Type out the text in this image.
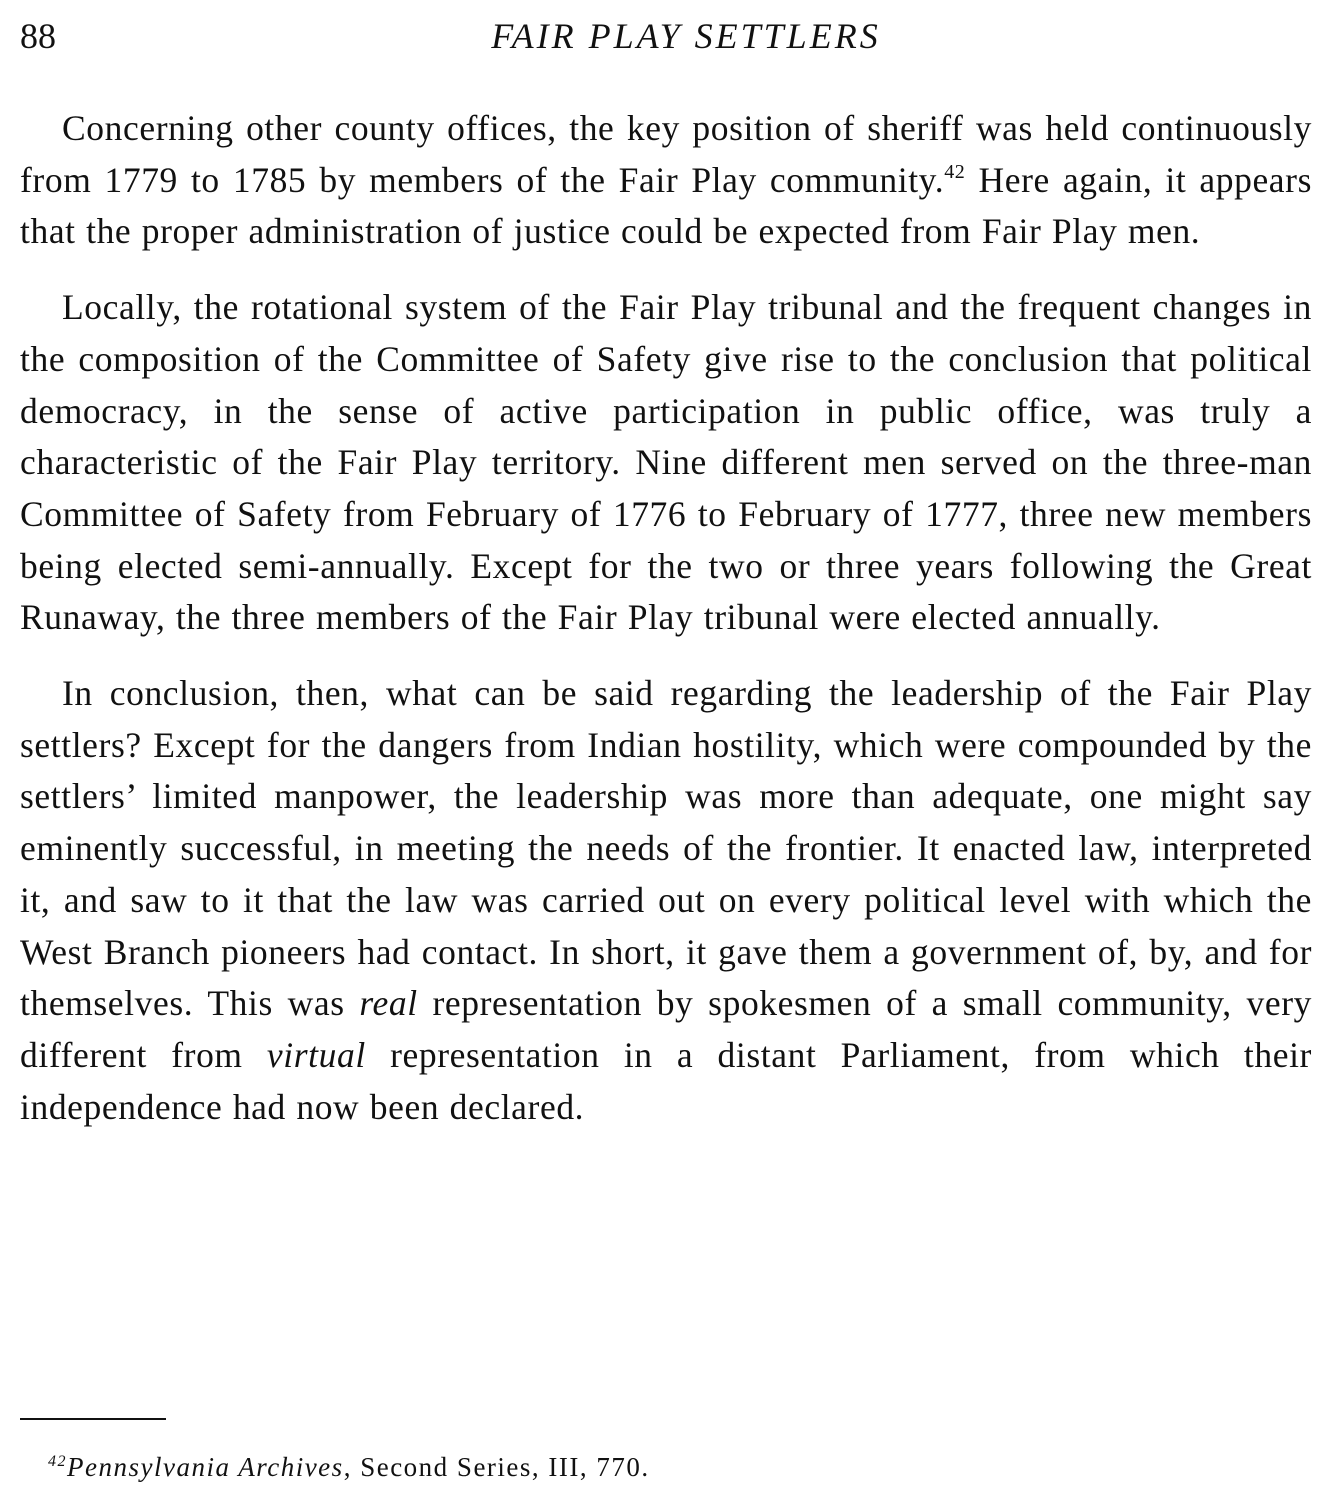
88	FAIR PLAY SETTLERS

Concerning other county offices, the key position of sheriff was held continuously from 1779 to 1785 by members of the Fair Play community.$^{42}$ Here again, it appears that the proper administration of justice could be expected from Fair Play men.

Locally, the rotational system of the Fair Play tribunal and the frequent changes in the composition of the Committee of Safety give rise to the conclusion that political democracy, in the sense of active participation in public office, was truly a characteristic of the Fair Play territory. Nine different men served on the three-man Committee of Safety from February of 1776 to February of 1777, three new members being elected semi-annually. Except for the two or three years following the Great Runaway, the three members of the Fair Play tribunal were elected annually.

In conclusion, then, what can be said regarding the leadership of the Fair Play settlers? Except for the dangers from Indian hostility, which were compounded by the settlers’ limited manpower, the leadership was more than adequate, one might say eminently successful, in meeting the needs of the frontier. It enacted law, interpreted it, and saw to it that the law was carried out on every political level with which the West Branch pioneers had contact. In short, it gave them a government of, by, and for themselves. This was real representation by spokesmen of a small community, very different from virtual representation in a distant Parliament, from which their independence had now been declared.

$^{42}$Pennsylvania Archives, Second Series, III, 770.
